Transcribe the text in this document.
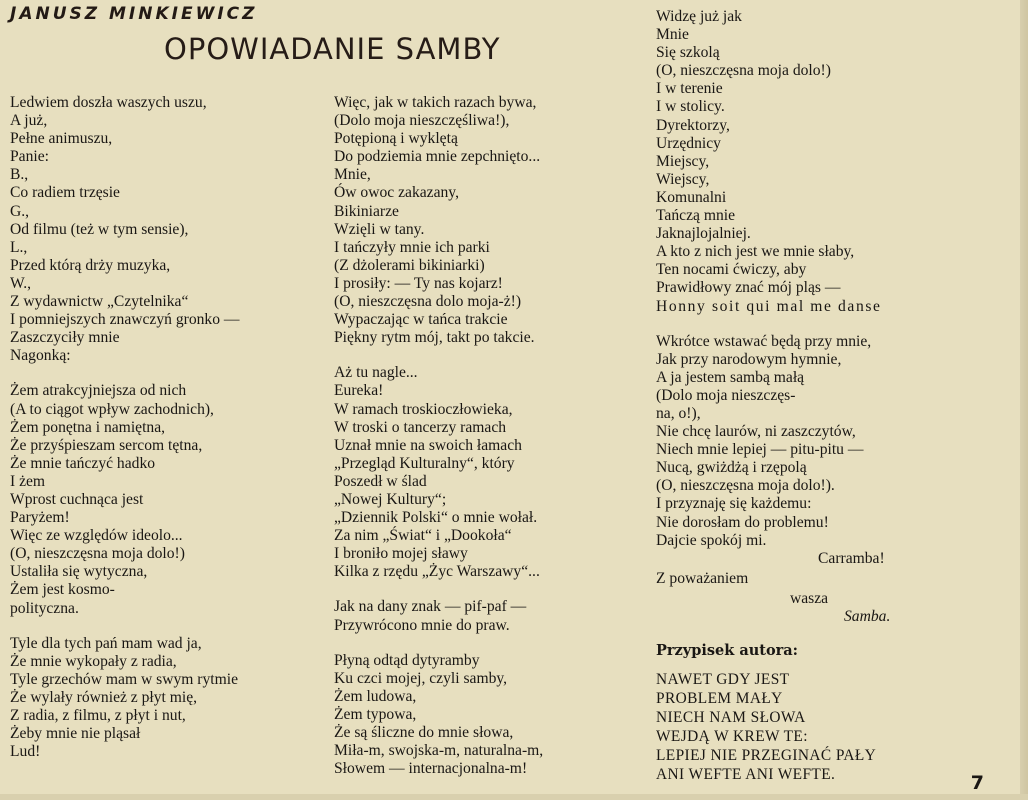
JANUSZ MINKIEWICZ
OPOWIADANIE SAMBY
Ledwiem doszła waszych uszu,
A już,
Pełne animuszu,
Panie:
B.,
Co radiem trzęsie
G.,
Od filmu (też w tym sensie),
L.,
Przed którą drży muzyka,
W.,
Z wydawnictw „Czytelnika“
I pomniejszych znawczyń gronko —
Zaszczyciły mnie
Nagonką:
Żem atrakcyjniejsza od nich
(A to ciągot wpływ zachodnich),
Żem ponętna i namiętna,
Że przyśpieszam sercom tętna,
Że mnie tańczyć hadko
I żem
Wprost cuchnąca jest
Paryżem!
Więc ze względów ideolo...
(O, nieszczęsna moja dolo!)
Ustaliła się wytyczna,
Żem jest kosmo-
polityczna.
Tyle dla tych pań mam wad ja,
Że mnie wykopały z radia,
Tyle grzechów mam w swym rytmie
Że wylały również z płyt mię,
Z radia, z filmu, z płyt i nut,
Żeby mnie nie pląsał
Lud!
Więc, jak w takich razach bywa,
(Dolo moja nieszczęśliwa!),
Potępioną i wyklętą
Do podziemia mnie zepchnięto...
Mnie,
Ów owoc zakazany,
Bikiniarze
Wzięli w tany.
I tańczyły mnie ich parki
(Z dżolerami bikiniarki)
I prosiły: — Ty nas kojarz!
(O, nieszczęsna dolo moja-ż!)
Wypaczając w tańca trakcie
Piękny rytm mój, takt po takcie.
Aż tu nagle...
Eureka!
W ramach troskioczłowieka,
W troski o tancerzy ramach
Uznał mnie na swoich łamach
„Przegląd Kulturalny“, który
Poszedł w ślad
„Nowej Kultury“;
„Dziennik Polski“ o mnie wołał.
Za nim „Świat“ i „Dookoła“
I broniło mojej sławy
Kilka z rzędu „Życ Warszawy“...
Jak na dany znak — pif-paf —
Przywrócono mnie do praw.
Płyną odtąd dytyramby
Ku czci mojej, czyli samby,
Żem ludowa,
Żem typowa,
Że są śliczne do mnie słowa,
Miła-m, swojska-m, naturalna-m,
Słowem — internacjonalna-m!
Widzę już jak
Mnie
Się szkolą
(O, nieszczęsna moja dolo!)
I w terenie
I w stolicy.
Dyrektorzy,
Urzędnicy
Miejscy,
Wiejscy,
Komunalni
Tańczą mnie
Jaknajlojalniej.
A kto z nich jest we mnie słaby,
Ten nocami ćwiczy, aby
Prawidłowy znać mój pląs —
Honny soit qui mal me danse
Wkrótce wstawać będą przy mnie,
Jak przy narodowym hymnie,
A ja jestem sambą małą
(Dolo moja nieszczęs-
na, o!),
Nie chcę laurów, ni zaszczytów,
Niech mnie lepiej — pitu-pitu —
Nucą, gwiżdżą i rzępolą
(O, nieszczęsna moja dolo!).
I przyznaję się każdemu:
Nie dorosłam do problemu!
Dajcie spokój mi.
Carramba!
Z poważaniem
wasza
Samba.
Przypisek autora:
NAWET GDY JEST
PROBLEM MAŁY
NIECH NAM SŁOWA
WEJDĄ W KREW TE:
LEPIEJ NIE PRZEGINAĆ PAŁY
ANI WEFTE ANI WEFTE.	7
